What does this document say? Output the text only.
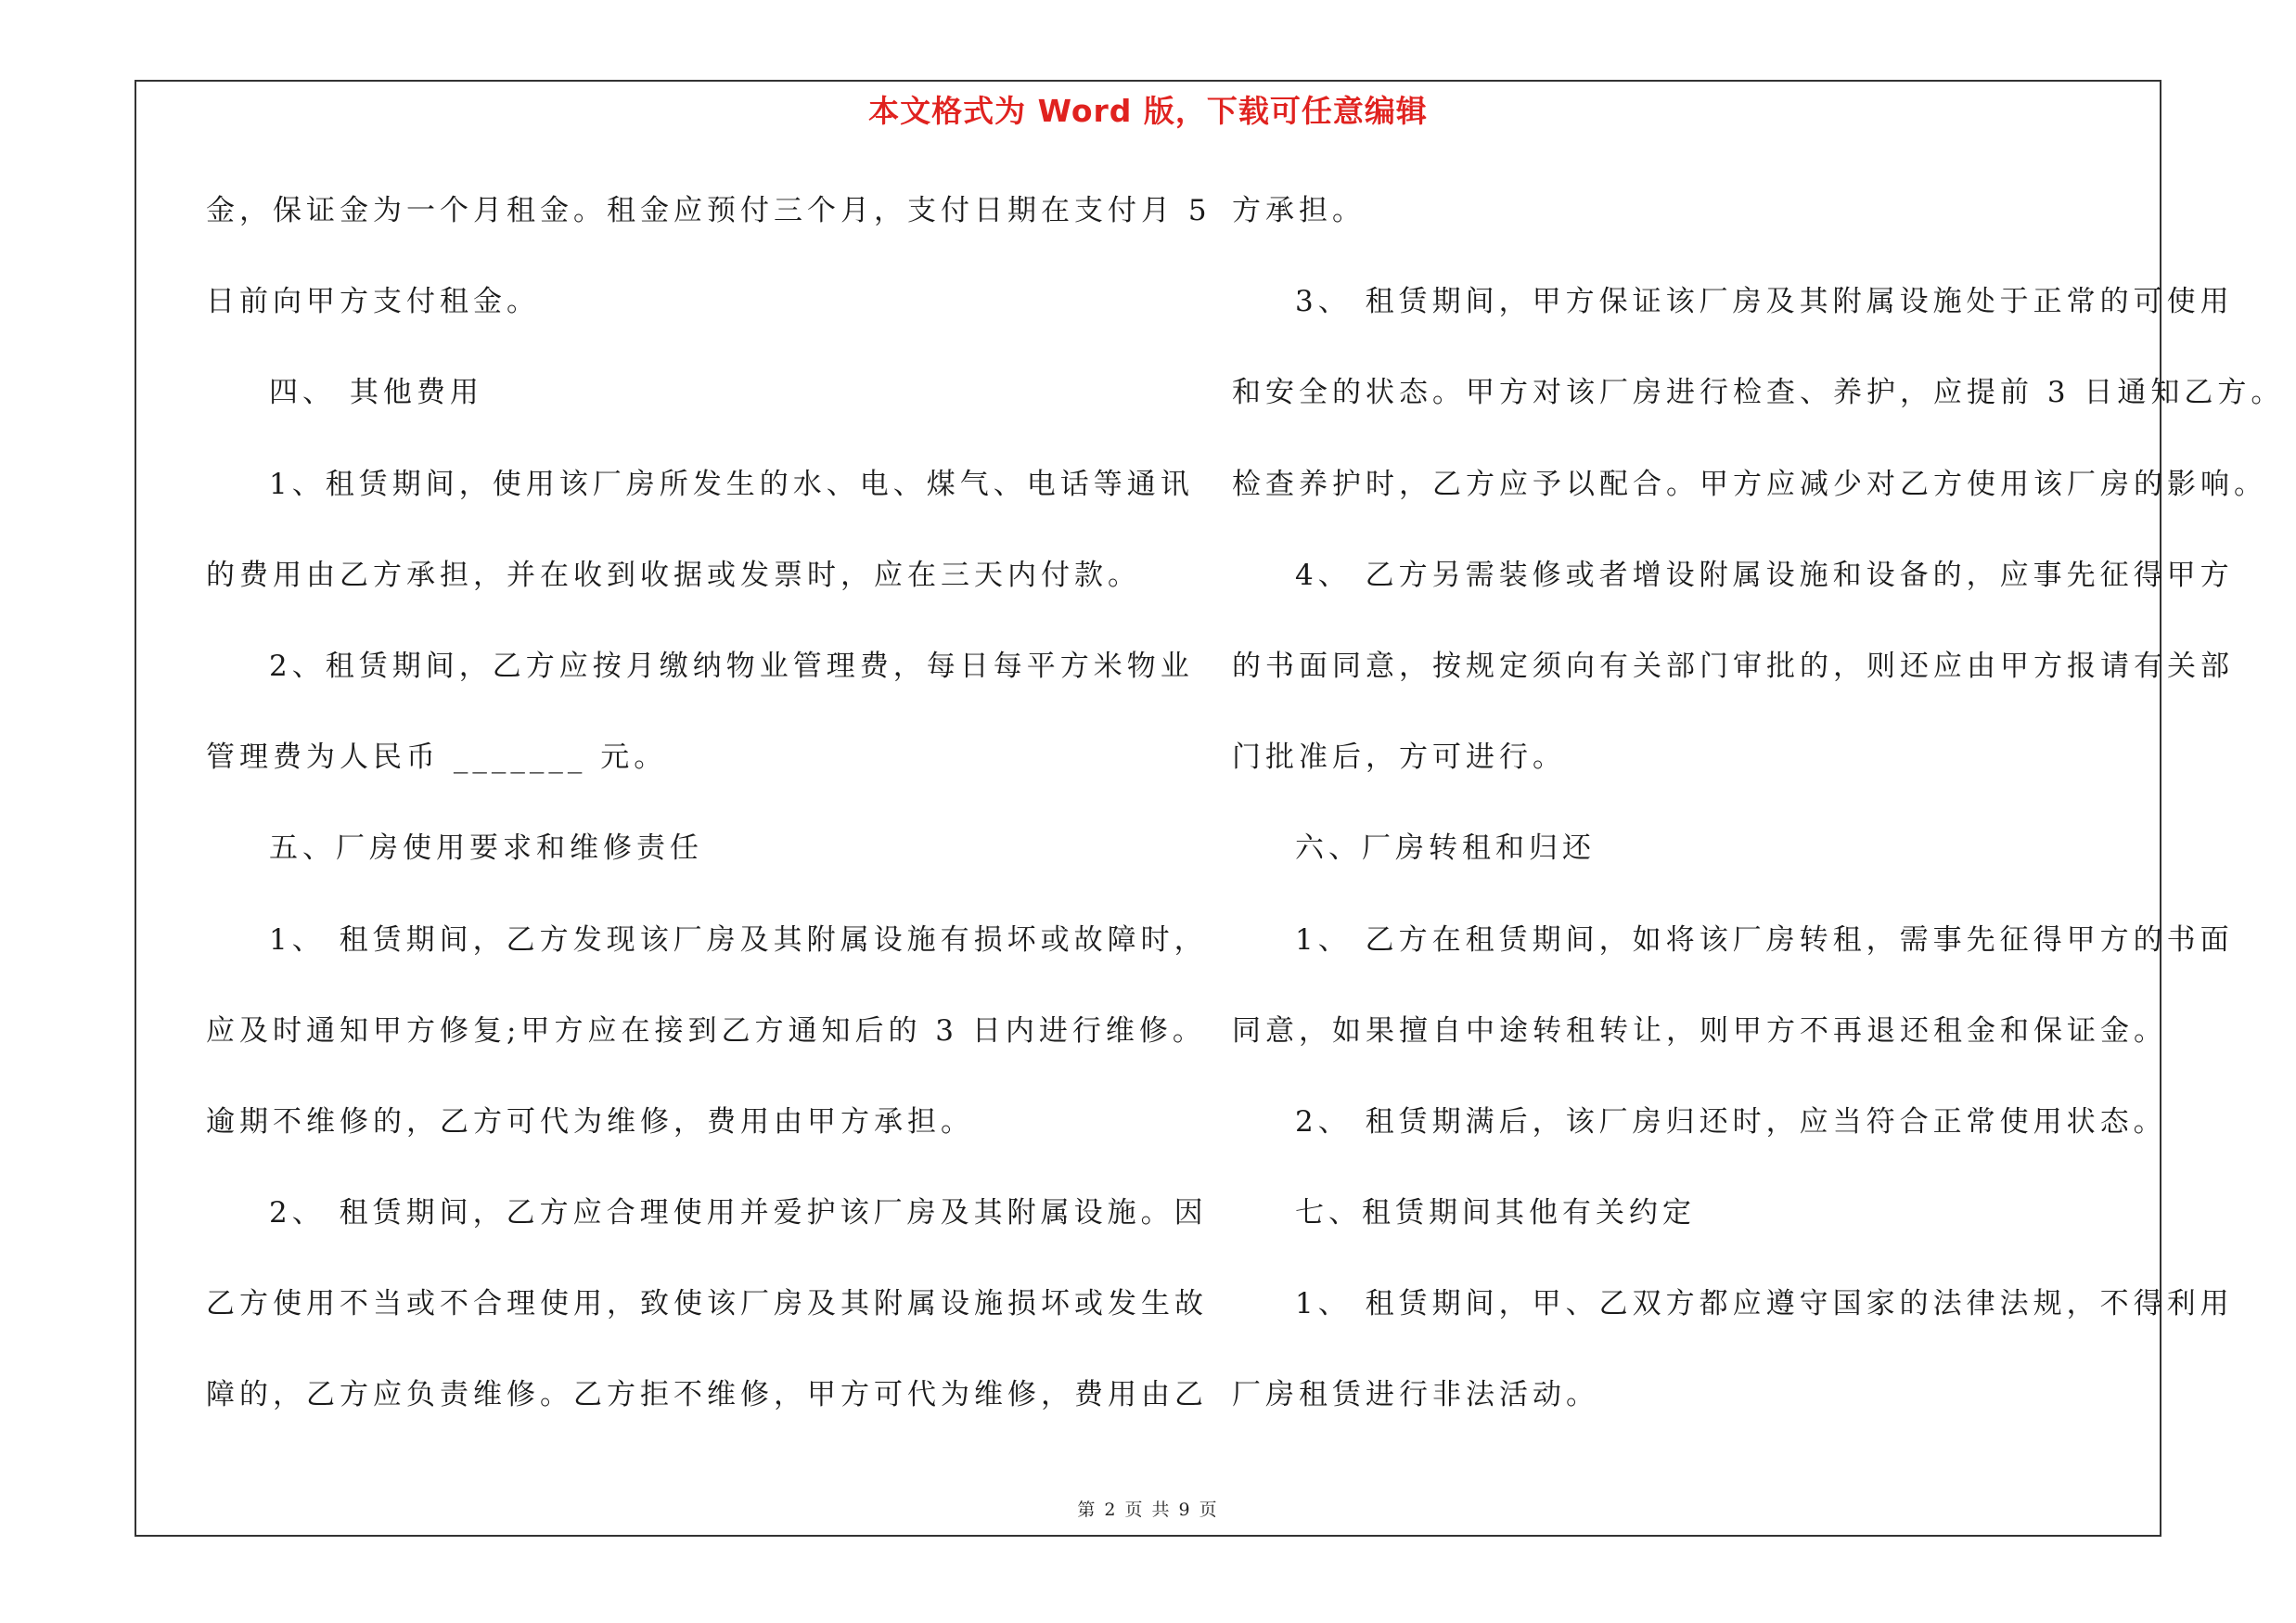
本文格式为 Word 版，下载可任意编辑
金，保证金为一个月租金。租金应预付三个月，支付日期在支付月 5
日前向甲方支付租金。
四、 其他费用
1、租赁期间，使用该厂房所发生的水、电、煤气、电话等通讯
的费用由乙方承担，并在收到收据或发票时，应在三天内付款。
2、租赁期间，乙方应按月缴纳物业管理费，每日每平方米物业
管理费为人民币 _______ 元。
五、厂房使用要求和维修责任
1、 租赁期间，乙方发现该厂房及其附属设施有损坏或故障时，
应及时通知甲方修复;甲方应在接到乙方通知后的 3 日内进行维修。
逾期不维修的，乙方可代为维修，费用由甲方承担。
2、 租赁期间，乙方应合理使用并爱护该厂房及其附属设施。因
乙方使用不当或不合理使用，致使该厂房及其附属设施损坏或发生故
障的，乙方应负责维修。乙方拒不维修，甲方可代为维修，费用由乙
方承担。
3、 租赁期间，甲方保证该厂房及其附属设施处于正常的可使用
和安全的状态。甲方对该厂房进行检查、养护，应提前 3 日通知乙方。
检查养护时，乙方应予以配合。甲方应减少对乙方使用该厂房的影响。
4、 乙方另需装修或者增设附属设施和设备的，应事先征得甲方
的书面同意，按规定须向有关部门审批的，则还应由甲方报请有关部
门批准后，方可进行。
六、厂房转租和归还
1、 乙方在租赁期间，如将该厂房转租，需事先征得甲方的书面
同意，如果擅自中途转租转让，则甲方不再退还租金和保证金。
2、 租赁期满后，该厂房归还时，应当符合正常使用状态。
七、租赁期间其他有关约定
1、 租赁期间，甲、乙双方都应遵守国家的法律法规，不得利用
厂房租赁进行非法活动。
第 2 页 共 9 页
